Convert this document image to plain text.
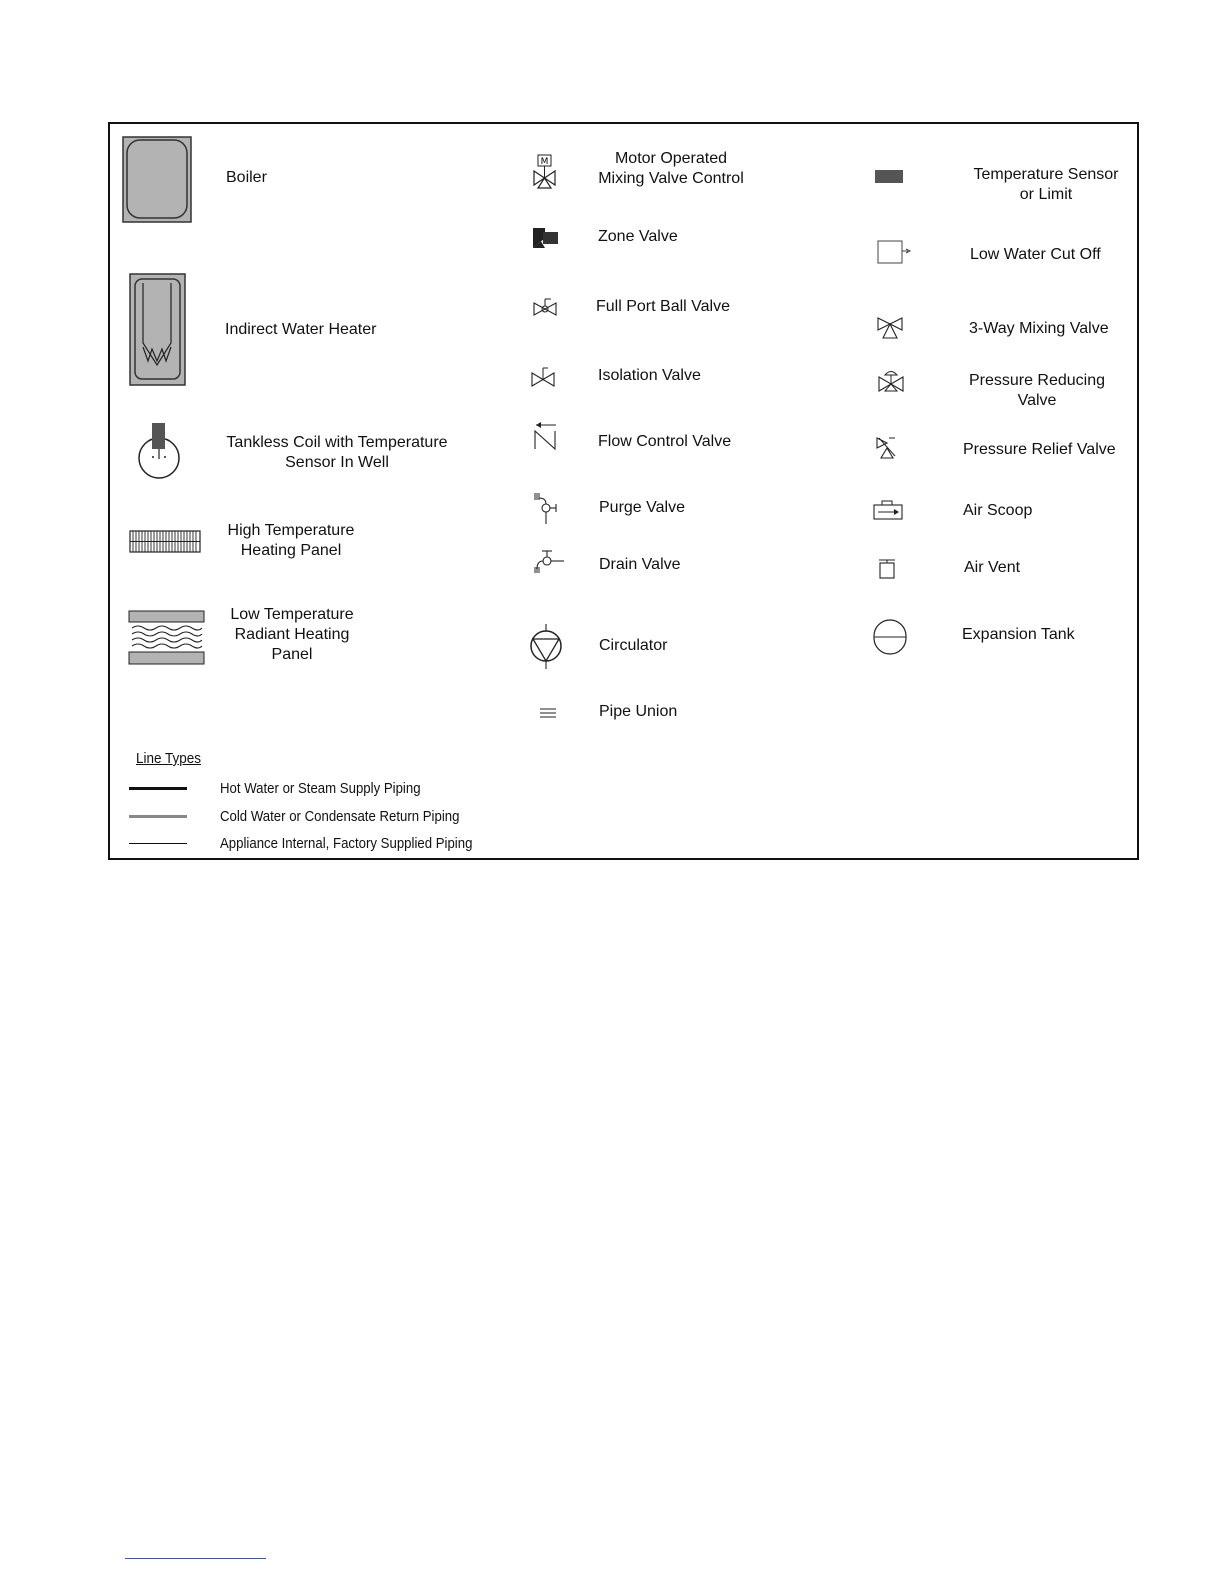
Boiler
Indirect Water Heater
Tankless Coil with Temperature
Sensor In Well
High Temperature
Heating Panel
Low Temperature
Radiant Heating
Panel
M	Motor Operated
Mixing Valve Control
Zone Valve
Full Port Ball Valve
Isolation Valve
Flow Control Valve
Purge Valve
Drain Valve
Circulator
Pipe Union
Temperature Sensor
or Limit
Low Water Cut Off
3-Way Mixing Valve
Pressure Reducing
Valve
Pressure Relief Valve
Air Scoop
Air Vent
Expansion Tank
Line Types
Hot Water or Steam Supply Piping
Cold Water or Condensate Return Piping
Appliance Internal, Factory Supplied Piping
